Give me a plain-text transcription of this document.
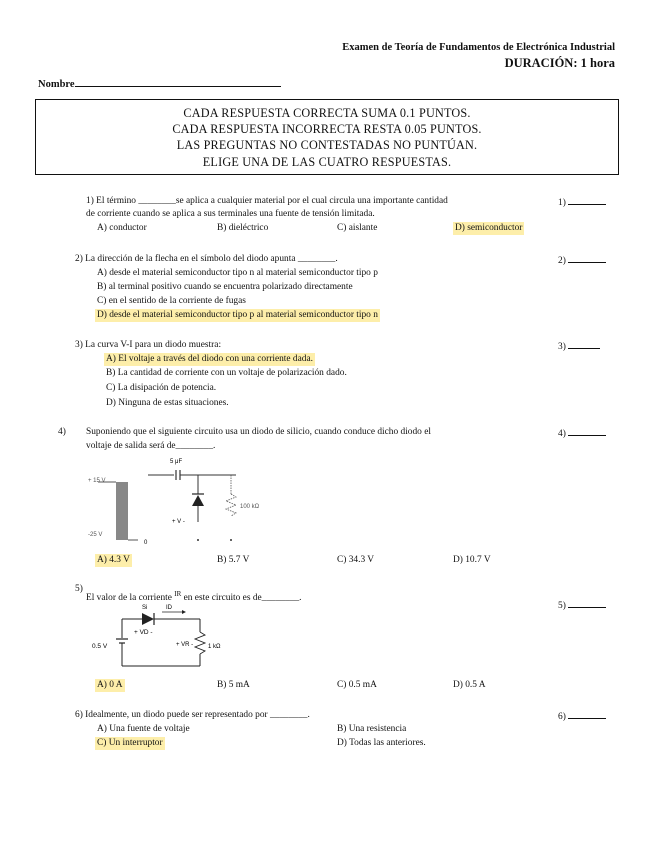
Examen de Teoría de Fundamentos de Electrónica Industrial
DURACIÓN: 1 hora
Nombre
CADA RESPUESTA CORRECTA SUMA 0.1 PUNTOS.
CADA RESPUESTA INCORRECTA RESTA 0.05 PUNTOS.
LAS PREGUNTAS NO CONTESTADAS NO PUNTÚAN.
ELIGE UNA DE LAS CUATRO RESPUESTAS.
1) El término ________se aplica a cualquier material por el cual circula una importante cantidad
de corriente cuando se aplica a sus terminales una fuente de tensión limitada.
A) conductor	B) dieléctrico	C) aislante	D) semiconductor
1)
2) La dirección de la flecha en el símbolo del diodo apunta ________.
A) desde el material semiconductor tipo n al material semiconductor tipo p
B) al terminal positivo cuando se encuentra polarizado directamente
C) en el sentido de la corriente de fugas
D) desde el material semiconductor tipo p al material semiconductor tipo n
2)
3) La curva V-I para un diodo muestra:
A) El voltaje a través del diodo con una corriente dada.
B) La cantidad de corriente con un voltaje de polarización dado.
C) La disipación de potencia.
D) Ninguna de estas situaciones.
3)
4) Suponiendo que el siguiente circuito usa un diodo de silicio, cuando conduce dicho diodo el
voltaje de salida será de________.
4)
+ 15 V
-25 V
5 μF
+ V -
100 kΩ
0
A) 4.3 V	B) 5.7 V	C) 34.3 V	D) 10.7 V
5)
El valor de la corriente $^{IR}$ en este circuito es de________.
5)
0.5 V
Si	ID
+ VD -
+ VR - 1 kΩ
A) 0 A	B) 5 mA	C) 0.5 mA	D) 0.5 A
6) Idealmente, un diodo puede ser representado por ________.
A) Una fuente de voltaje	B) Una resistencia
C) Un interruptor	D) Todas las anteriores.
6)
